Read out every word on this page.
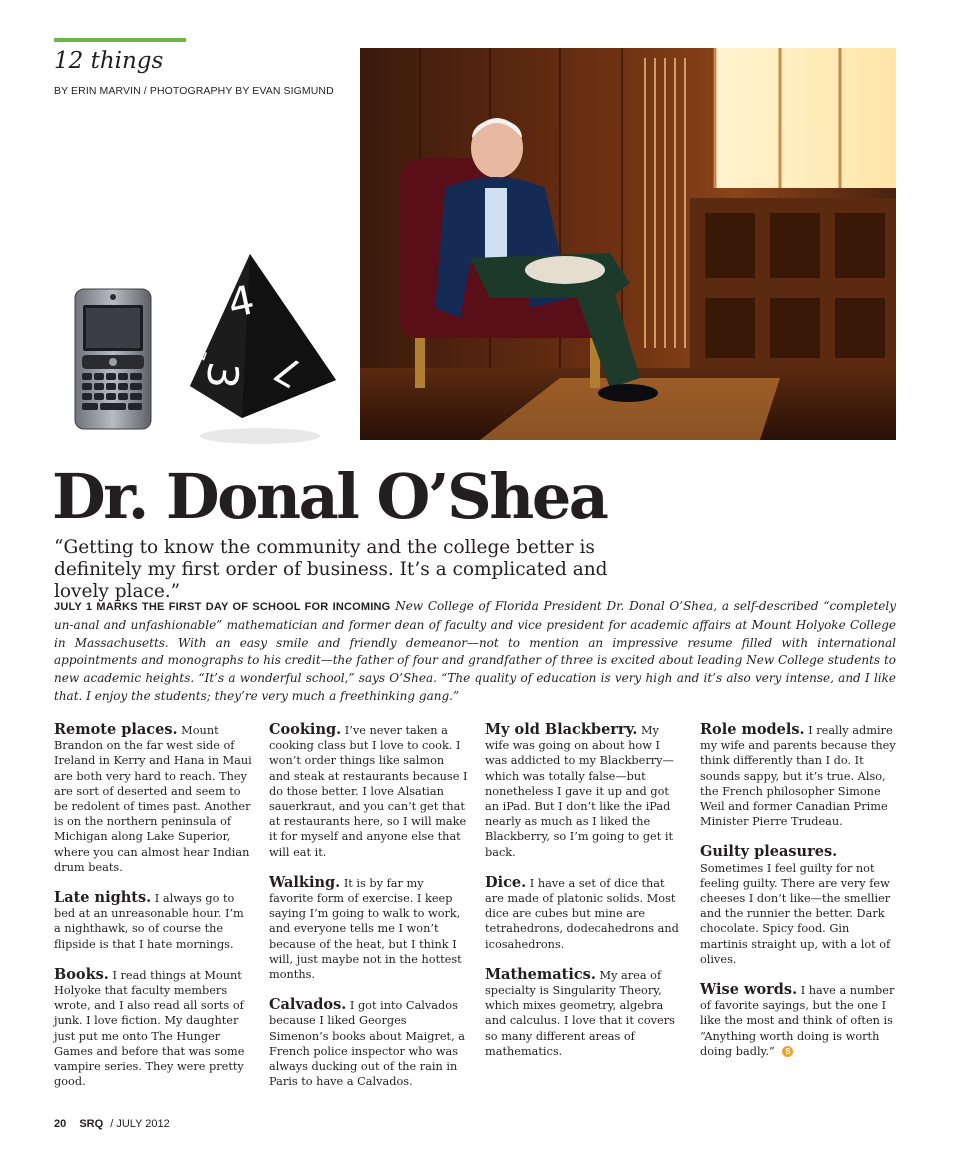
12 things
BY ERIN MARVIN / PHOTOGRAPHY BY EVAN SIGMUND
4
3 7
2
Dr. Donal O’Shea
“Getting to know the community and the college better is definitely my first order of business. It’s a complicated and lovely place.”
JULY 1 MARKS THE FIRST DAY OF SCHOOL FOR INCOMING New College of Florida President Dr. Donal O’Shea, a self-described “completely un-anal and unfashionable” mathematician and former dean of faculty and vice president for academic affairs at Mount Holyoke College in Massachusetts. With an easy smile and friendly demeanor—not to mention an impressive resume filled with international appointments and monographs to his credit—the father of four and grandfather of three is excited about leading New College students to new academic heights. “It’s a wonderful school,” says O’Shea. “The quality of education is very high and it’s also very intense, and I like that. I enjoy the students; they’re very much a freethinking gang.”
Remote places. Mount Brandon on the far west side of Ireland in Kerry and Hana in Maui are both very hard to reach. They are sort of deserted and seem to be redolent of times past. Another is on the northern peninsula of Michigan along Lake Superior, where you can almost hear Indian drum beats.
Late nights. I always go to bed at an unreasonable hour. I’m a nighthawk, so of course the flipside is that I hate mornings.
Books. I read things at Mount Holyoke that faculty members wrote, and I also read all sorts of junk. I love fiction. My daughter just put me onto The Hunger Games and before that was some vampire series. They were pretty good.
Cooking. I’ve never taken a cooking class but I love to cook. I won’t order things like salmon and steak at restaurants because I do those better. I love Alsatian sauerkraut, and you can’t get that at restaurants here, so I will make it for myself and anyone else that will eat it.
Walking. It is by far my favorite form of exercise. I keep saying I’m going to walk to work, and everyone tells me I won’t because of the heat, but I think I will, just maybe not in the hottest months.
Calvados. I got into Calvados because I liked Georges Simenon’s books about Maigret, a French police inspector who was always ducking out of the rain in Paris to have a Calvados.
My old Blackberry. My wife was going on about how I was addicted to my Blackberry—which was totally false—but nonetheless I gave it up and got an iPad. But I don’t like the iPad nearly as much as I liked the Blackberry, so I’m going to get it back.
Dice. I have a set of dice that are made of platonic solids. Most dice are cubes but mine are tetrahedrons, dodecahedrons and icosahedrons.
Mathematics. My area of specialty is Singularity Theory, which mixes geometry, algebra and calculus. I love that it covers so many different areas of mathematics.
Role models. I really admire my wife and parents because they think differently than I do. It sounds sappy, but it’s true. Also, the French philosopher Simone Weil and former Canadian Prime Minister Pierre Trudeau.
Guilty pleasures. Sometimes I feel guilty for not feeling guilty. There are very few cheeses I don’t like—the smellier and the runnier the better. Dark chocolate. Spicy food. Gin martinis straight up, with a lot of olives.
Wise words. I have a number of favorite sayings, but the one I like the most and think of often is “Anything worth doing is worth doing badly.” S
20 SRQ / JULY 2012
